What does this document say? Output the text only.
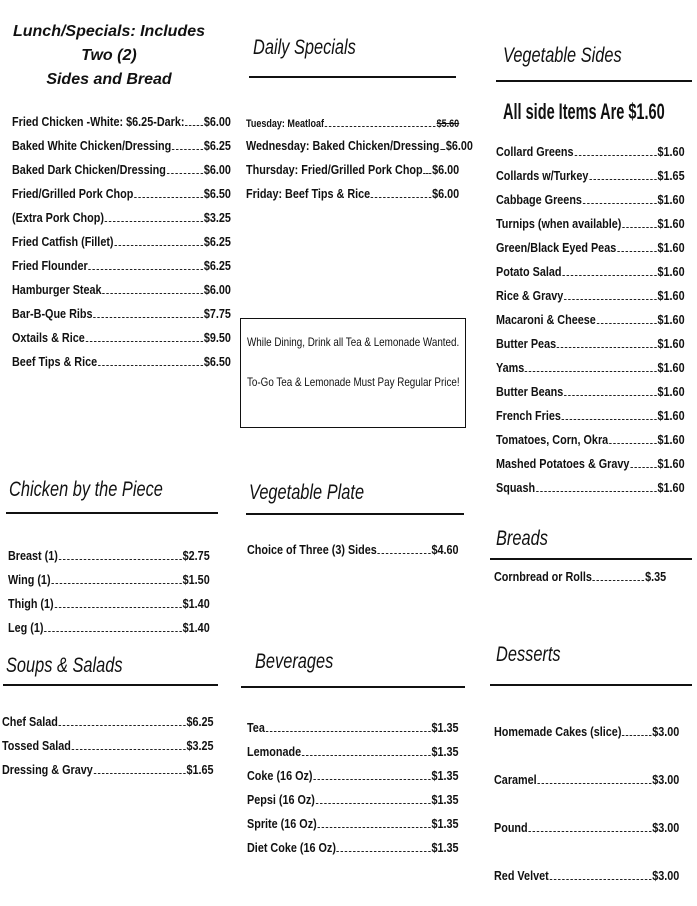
Lunch/Specials: Includes Two (2)
Sides and Bread
Fried Chicken -White: $6.25-Dark: $6.00
Baked White Chicken/Dressing $6.25
Baked Dark Chicken/Dressing	$6.00
Fried/Grilled Pork Chop	$6.50
(Extra Pork Chop)	$3.25
Fried Catfish (Fillet)	$6.25
Fried Flounder	$6.25
Hamburger Steak	$6.00
Bar-B-Que Ribs	$7.75
Oxtails & Rice	$9.50
Beef Tips & Rice	$6.50
Daily Specials
Tuesday: Meatloaf	$5.60
Wednesday: Baked Chicken/Dressing $6.00
Thursday: Fried/Grilled Pork Chop $6.00
Friday: Beef Tips & Rice	$6.00

While Dining, Drink all Tea & Lemonade Wanted.

To-Go Tea & Lemonade Must Pay Regular Price!

Vegetable Sides
All side Items Are $1.60
Collard Greens	$1.60
Collards w/Turkey	$1.65
Cabbage Greens	$1.60
Turnips (when available)	$1.60
Green/Black Eyed Peas	$1.60
Potato Salad	$1.60
Rice & Gravy	$1.60
Macaroni & Cheese	$1.60
Butter Peas	$1.60
Yams	$1.60
Butter Beans	$1.60
French Fries	$1.60
Tomatoes, Corn, Okra	$1.60
Mashed Potatoes & Gravy $1.60
Squash	$1.60
Chicken by the Piece
Breast (1)	$2.75
Wing (1)	$1.50
Thigh (1)	$1.40
Leg (1)	$1.40
Vegetable Plate
Choice of Three (3) Sides	$4.60 Breads
Cornbread or Rolls	$.35
Soups & Salads
Chef Salad	$6.25
Tossed Salad	$3.25
Dressing & Gravy	$1.65
Beverages
Tea	$1.35
Lemonade	$1.35
Coke (16 Oz)	$1.35
Pepsi (16 Oz)	$1.35
Sprite (16 Oz)	$1.35
Diet Coke (16 Oz)	$1.35
Desserts
Homemade Cakes (slice) $3.00
Caramel	$3.00
Pound	$3.00
Red Velvet	$3.00
